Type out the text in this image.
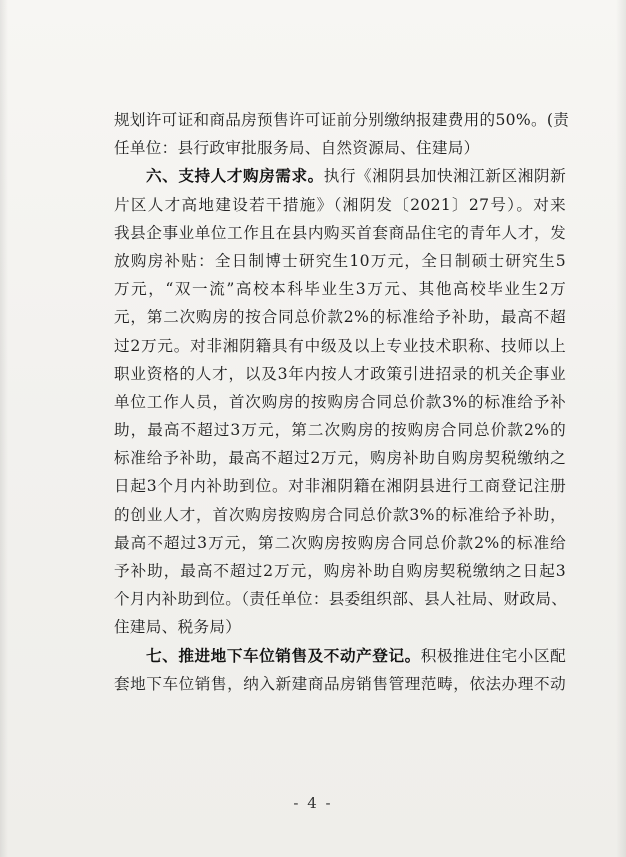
规划许可证和商品房预售许可证前分别缴纳报建费用的50%。(责
任单位：县行政审批服务局、自然资源局、住建局）
六、支持人才购房需求。执行《湘阴县加快湘江新区湘阴新
片区人才高地建设若干措施》（湘阴发〔2021〕27号）。对来
我县企事业单位工作且在县内购买首套商品住宅的青年人才，发
放购房补贴：全日制博士研究生10万元，全日制硕士研究生5
万元，“双一流”高校本科毕业生3万元、其他高校毕业生2万
元，第二次购房的按合同总价款2%的标准给予补助，最高不超
过2万元。对非湘阴籍具有中级及以上专业技术职称、技师以上
职业资格的人才，以及3年内按人才政策引进招录的机关企事业
单位工作人员，首次购房的按购房合同总价款3%的标准给予补
助，最高不超过3万元，第二次购房的按购房合同总价款2%的
标准给予补助，最高不超过2万元，购房补助自购房契税缴纳之
日起3个月内补助到位。对非湘阴籍在湘阴县进行工商登记注册
的创业人才，首次购房按购房合同总价款3%的标准给予补助，
最高不超过3万元，第二次购房按购房合同总价款2%的标准给
予补助，最高不超过2万元，购房补助自购房契税缴纳之日起3
个月内补助到位。（责任单位：县委组织部、县人社局、财政局、
住建局、税务局）
七、推进地下车位销售及不动产登记。积极推进住宅小区配
套地下车位销售，纳入新建商品房销售管理范畴，依法办理不动
- 4 -
